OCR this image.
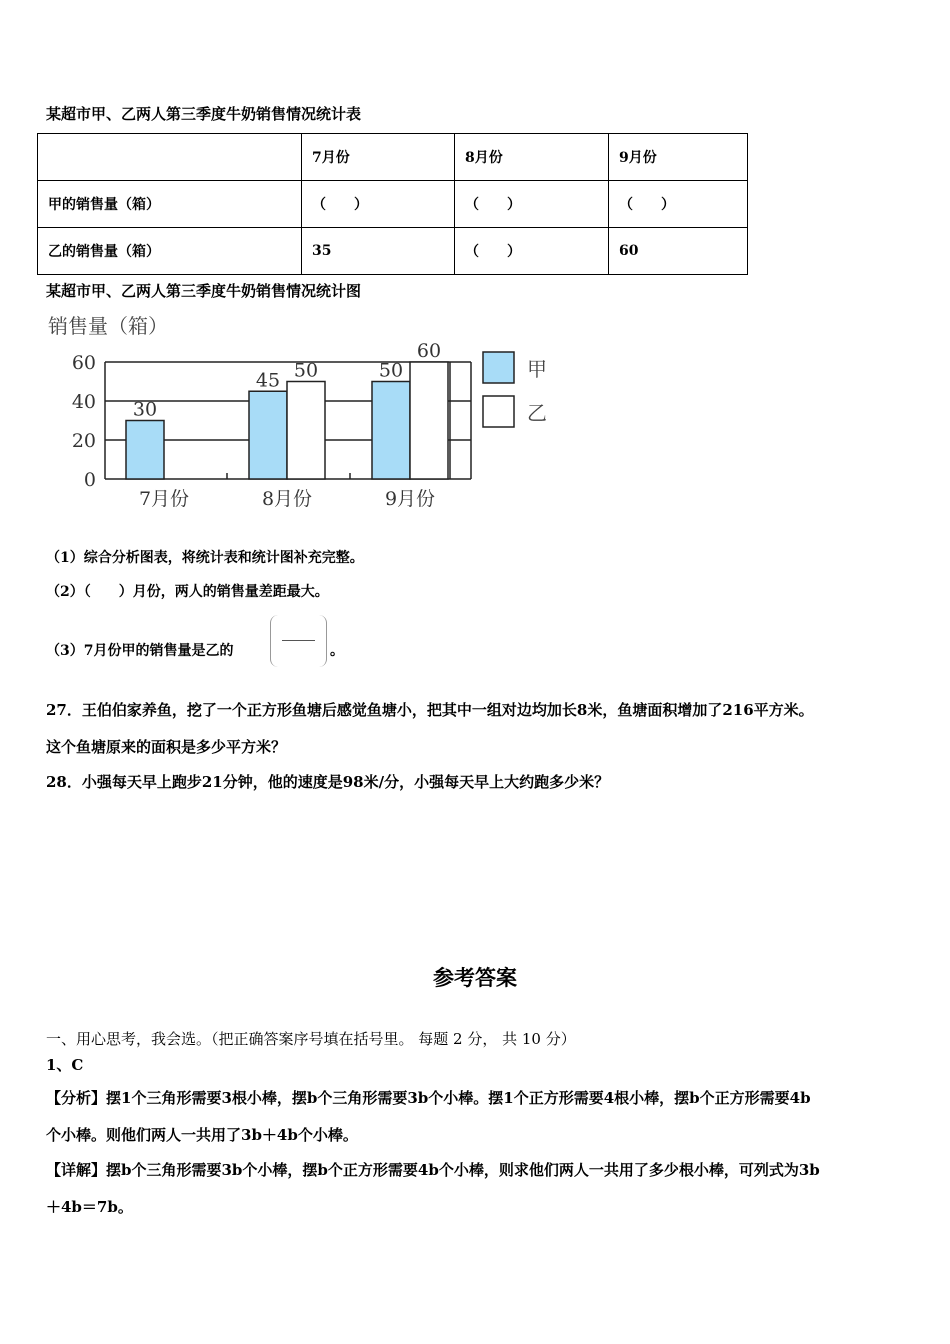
某超市甲、乙两人第三季度牛奶销售情况统计表
	7月份	8月份	9月份
甲的销售量（箱）	（　　）	（　　）	（　　）
乙的销售量（箱）	35	（　　）	60
某超市甲、乙两人第三季度牛奶销售情况统计图
销售量（箱）
0
20
40
60
7月份	8月份	9月份
30
45	50
50
60
甲
乙
（1）综合分析图表，将统计表和统计图补充完整。
（2）（　　）月份，两人的销售量差距最大。
（3）7月份甲的销售量是乙的	。
27．王伯伯家养鱼，挖了一个正方形鱼塘后感觉鱼塘小，把其中一组对边均加长8米，鱼塘面积增加了216平方米。
这个鱼塘原来的面积是多少平方米？
28．小强每天早上跑步21分钟，他的速度是98米/分，小强每天早上大约跑多少米？
参考答案
一、用心思考，我会选。（把正确答案序号填在括号里。 每题 2 分， 共 10 分）
1、C
【分析】摆1个三角形需要3根小棒，摆b个三角形需要3b个小棒。摆1个正方形需要4根小棒，摆b个正方形需要4b
个小棒。则他们两人一共用了3b＋4b个小棒。
【详解】摆b个三角形需要3b个小棒，摆b个正方形需要4b个小棒，则求他们两人一共用了多少根小棒，可列式为3b
＋4b＝7b。
